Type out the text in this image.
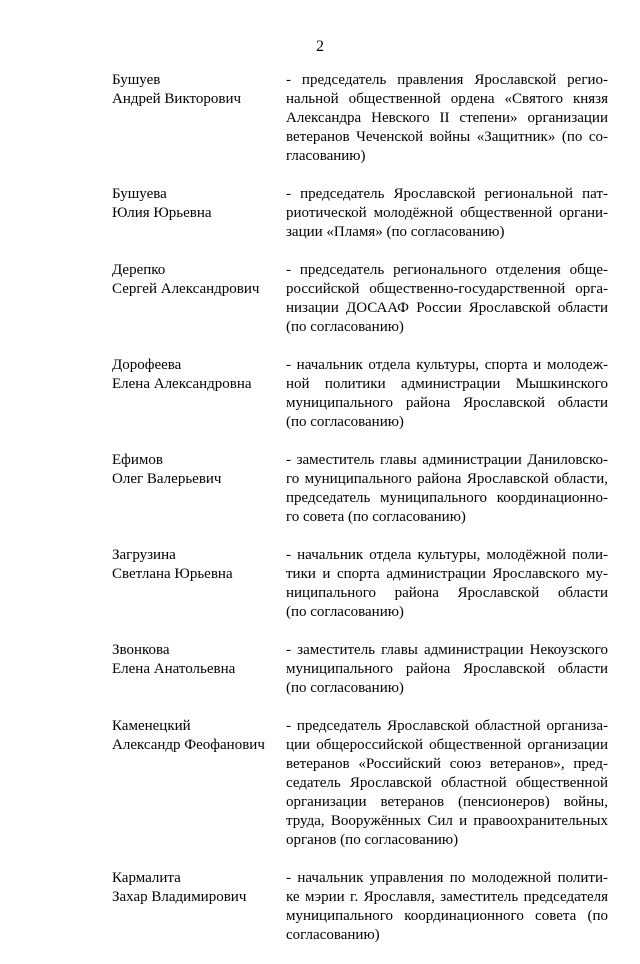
2
Бушуев
Андрей Викторович
- председатель правления Ярославской регио-
нальной общественной ордена «Святого князя
Александра Невского II степени» организации
ветеранов Чеченской войны «Защитник» (по со-
гласованию)
Бушуева
Юлия Юрьевна
- председатель Ярославской региональной пат-
риотической молодёжной общественной органи-
зации «Пламя» (по согласованию)
Дерепко
Сергей Александрович
- председатель регионального отделения обще-
российской общественно-государственной орга-
низации ДОСААФ России Ярославской области
(по согласованию)
Дорофеева
Елена Александровна
- начальник отдела культуры, спорта и молодеж-
ной политики администрации Мышкинского
муниципального района Ярославской области
(по согласованию)
Ефимов
Олег Валерьевич
- заместитель главы администрации Даниловско-
го муниципального района Ярославской области,
председатель муниципального координационно-
го совета (по согласованию)
Загрузина
Светлана Юрьевна
- начальник отдела культуры, молодёжной поли-
тики и спорта администрации Ярославского му-
ниципального района Ярославской области
(по согласованию)
Звонкова
Елена Анатольевна
- заместитель главы администрации Некоузского
муниципального района Ярославской области
(по согласованию)
Каменецкий
Александр Феофанович
- председатель Ярославской областной организа-
ции общероссийской общественной организации
ветеранов «Российский союз ветеранов», пред-
седатель Ярославской областной общественной
организации ветеранов (пенсионеров) войны,
труда, Вооружённых Сил и правоохранительных
органов (по согласованию)
Кармалита
Захар Владимирович
- начальник управления по молодежной полити-
ке мэрии г. Ярославля, заместитель председателя
муниципального координационного совета (по
согласованию)
